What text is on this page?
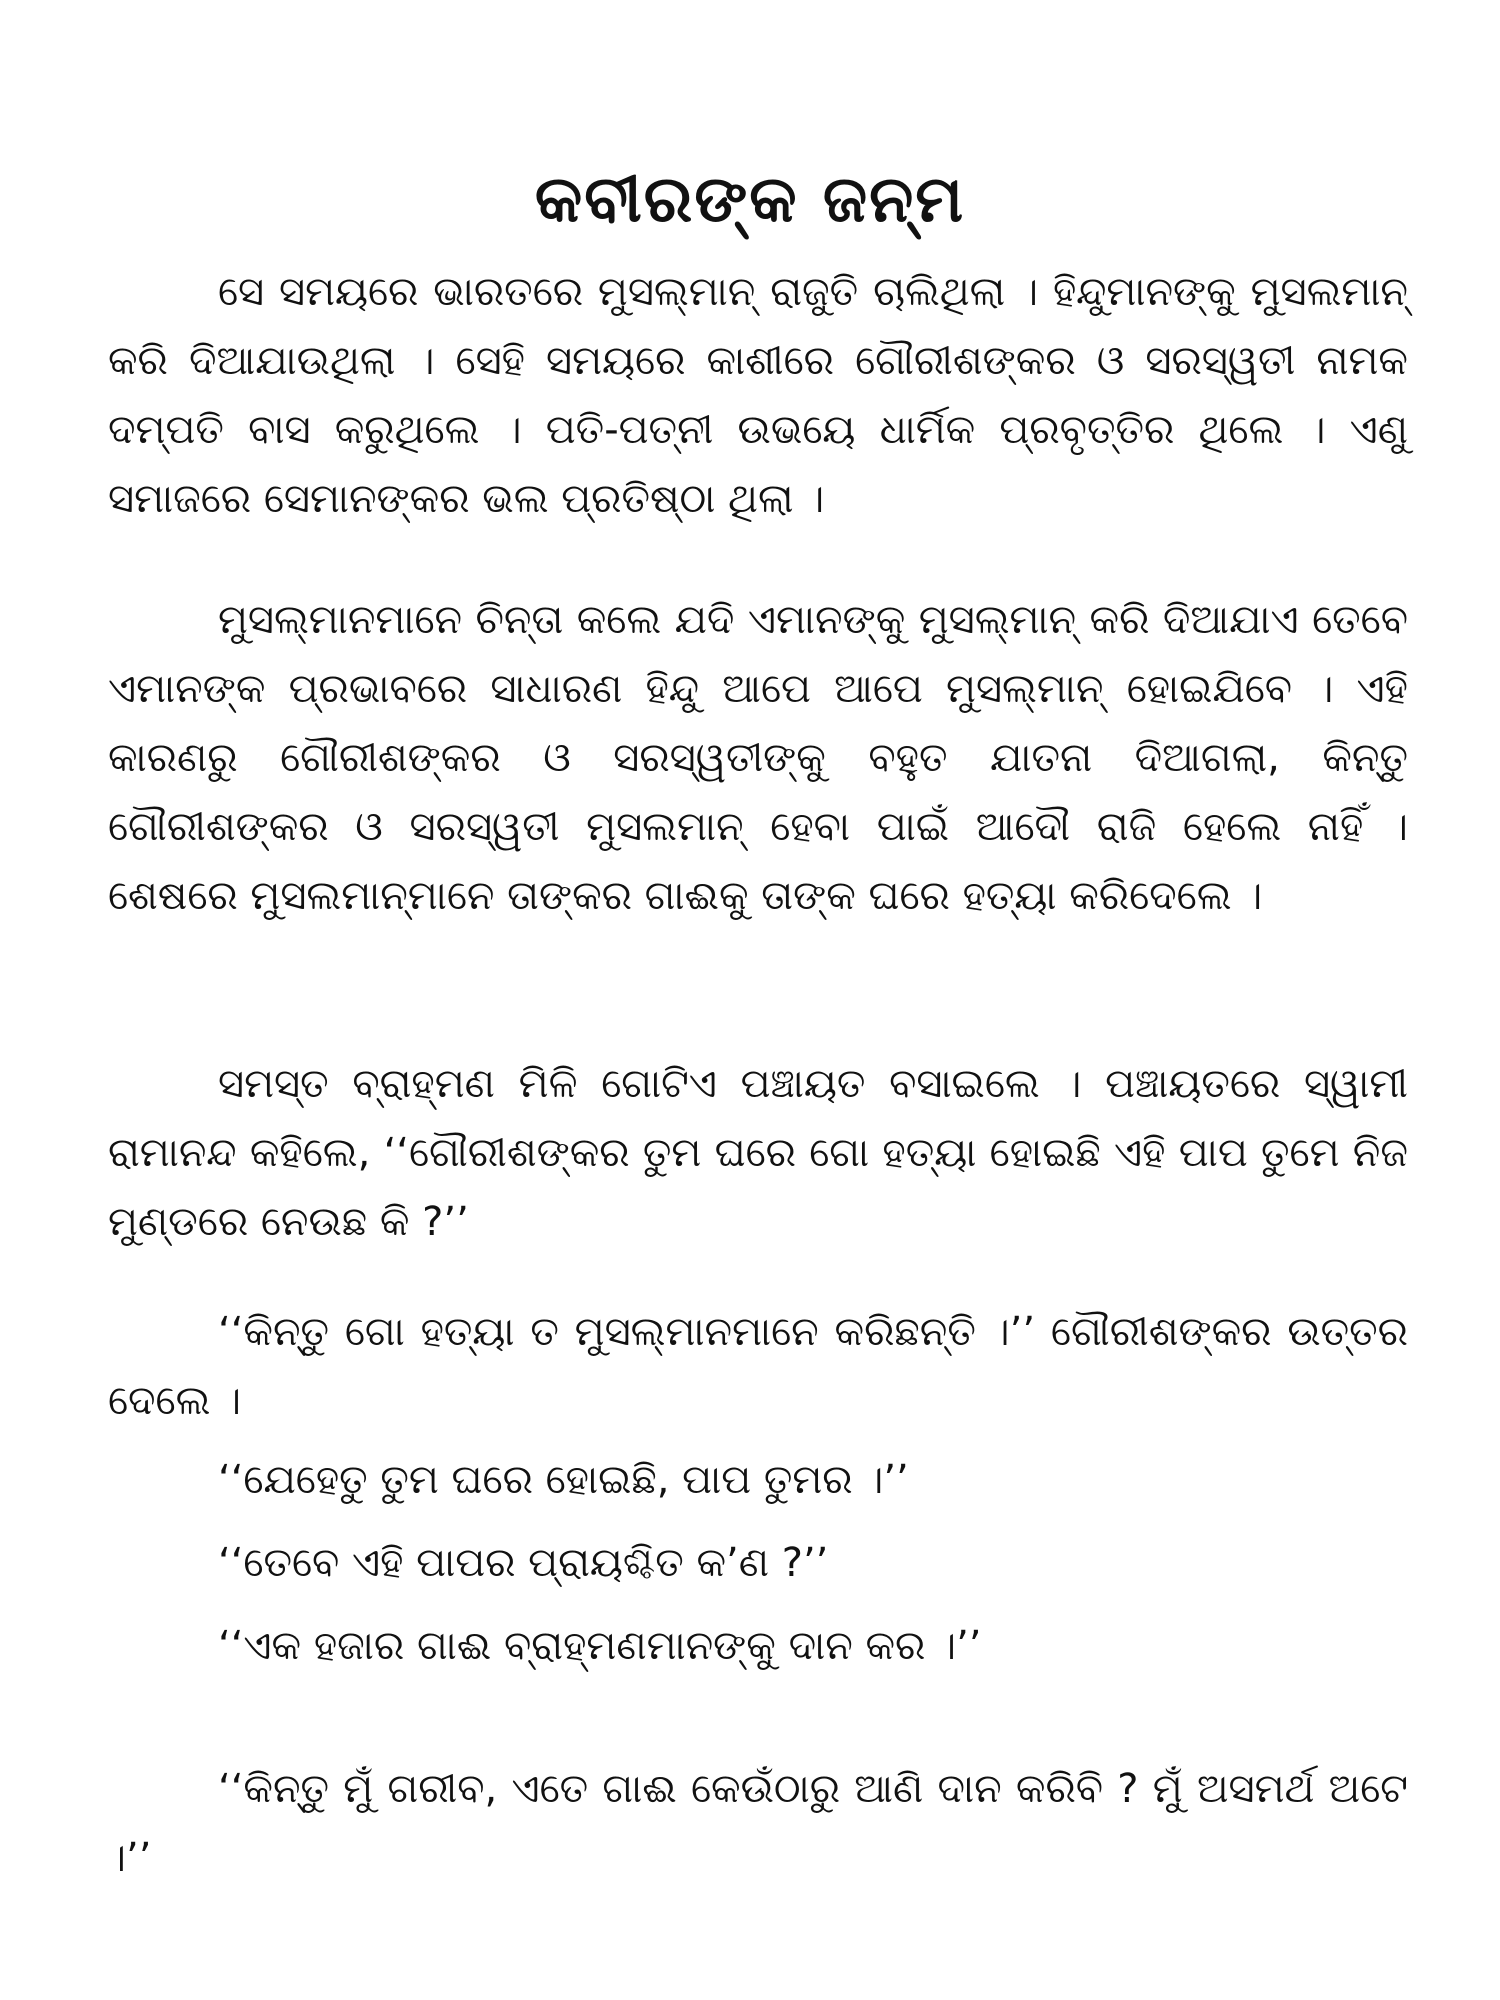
କବୀରଙ୍କ ଜନ୍ମ

ସେ ସମୟରେ ଭାରତରେ ମୁସଲ୍‌ମାନ୍ ରାଜୁତି ଚାଲିଥିଲା । ହିନ୍ଦୁମାନଙ୍କୁ ମୁସଲମାନ୍ କରି ଦିଆଯାଉଥିଲା । ସେହି ସମୟରେ କାଶୀରେ ଗୌରୀଶଙ୍କର ଓ ସରସ୍ୱତୀ ନାମକ ଦମ୍ପତି ବାସ କରୁଥିଲେ । ପତି-ପତ୍ନୀ ଉଭୟେ ଧାର୍ମିକ ପ୍ରବୃତ୍ତିର ଥିଲେ । ଏଣୁ ସମାଜରେ ସେମାନଙ୍କର ଭଲ ପ୍ରତିଷ୍ଠା ଥିଲା ।

ମୁସଲ୍‌ମାନମାନେ ଚିନ୍ତା କଲେ ଯଦି ଏମାନଙ୍କୁ ମୁସଲ୍‌ମାନ୍ କରି ଦିଆଯାଏ ତେବେ ଏମାନଙ୍କ ପ୍ରଭାବରେ ସାଧାରଣ ହିନ୍ଦୁ ଆପେ ଆପେ ମୁସଲ୍‌ମାନ୍ ହୋଇଯିବେ । ଏହି କାରଣରୁ ଗୌରୀଶଙ୍କର ଓ ସରସ୍ୱତୀଙ୍କୁ ବହୁତ ଯାତନା ଦିଆଗଲା, କିନ୍ତୁ ଗୌରୀଶଙ୍କର ଓ ସରସ୍ୱତୀ ମୁସଲମାନ୍ ହେବା ପାଇଁ ଆଦୌ ରାଜି ହେଲେ ନାହିଁ । ଶେଷରେ ମୁସଲମାନ୍‌ମାନେ ତାଙ୍କର ଗାଈକୁ ତାଙ୍କ ଘରେ ହତ୍ୟା କରିଦେଲେ ।

ସମସ୍ତ ବ୍ରାହ୍ମଣ ମିଳି ଗୋଟିଏ ପଞ୍ଚାୟତ ବସାଇଲେ । ପଞ୍ଚାୟତରେ ସ୍ୱାମୀ ରାମାନନ୍ଦ କହିଲେ, ‘‘ଗୌରୀଶଙ୍କର ତୁମ ଘରେ ଗୋ ହତ୍ୟା ହୋଇଛି ଏହି ପାପ ତୁମେ ନିଜ ମୁଣ୍ଡରେ ନେଉଛ କି ?’’

‘‘କିନ୍ତୁ ଗୋ ହତ୍ୟା ତ ମୁସଲ୍‌ମାନମାନେ କରିଛନ୍ତି ।’’ ଗୌରୀଶଙ୍କର ଉତ୍ତର ଦେଲେ ।

‘‘ଯେହେତୁ ତୁମ ଘରେ ହୋଇଛି, ପାପ ତୁମର ।’’

‘‘ତେବେ ଏହି ପାପର ପ୍ରାୟଶ୍ଚିତ କ’ଣ ?’’

‘‘ଏକ ହଜାର ଗାଈ ବ୍ରାହ୍ମଣମାନଙ୍କୁ ଦାନ କର ।’’

‘‘କିନ୍ତୁ ମୁଁ ଗରୀବ, ଏତେ ଗାଈ କେଉଁଠାରୁ ଆଣି ଦାନ କରିବି ? ମୁଁ ଅସମର୍ଥ ଅଟେ ।’’
